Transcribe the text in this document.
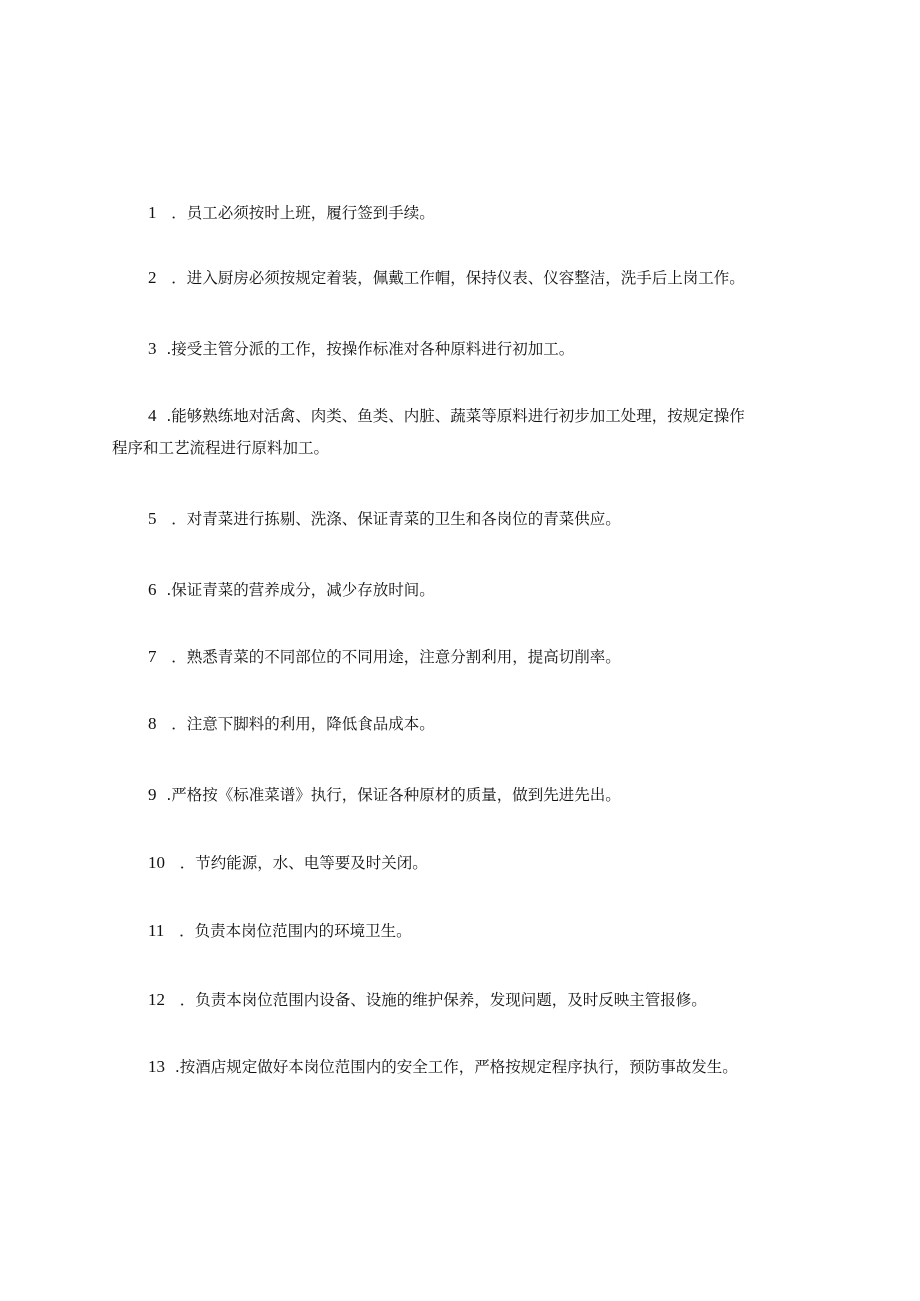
1 ．员工必须按时上班，履行签到手续。
2 ．进入厨房必须按规定着装，佩戴工作帽，保持仪表、仪容整洁，洗手后上岗工作。
3 .接受主管分派的工作，按操作标准对各种原料进行初加工。
4 .能够熟练地对活禽、肉类、鱼类、内脏、蔬菜等原料进行初步加工处理，按规定操作
程序和工艺流程进行原料加工。
5 ．对青菜进行拣剔、洗涤、保证青菜的卫生和各岗位的青菜供应。
6 .保证青菜的营养成分，减少存放时间。
7 ．熟悉青菜的不同部位的不同用途，注意分割利用，提高切削率。
8 ．注意下脚料的利用，降低食品成本。
9 .严格按《标准菜谱》执行，保证各种原材的质量，做到先进先出。
10 ．节约能源，水、电等要及时关闭。
11 ．负责本岗位范围内的环境卫生。
12 ．负责本岗位范围内设备、设施的维护保养，发现问题，及时反映主管报修。
13 .按酒店规定做好本岗位范围内的安全工作，严格按规定程序执行，预防事故发生。
